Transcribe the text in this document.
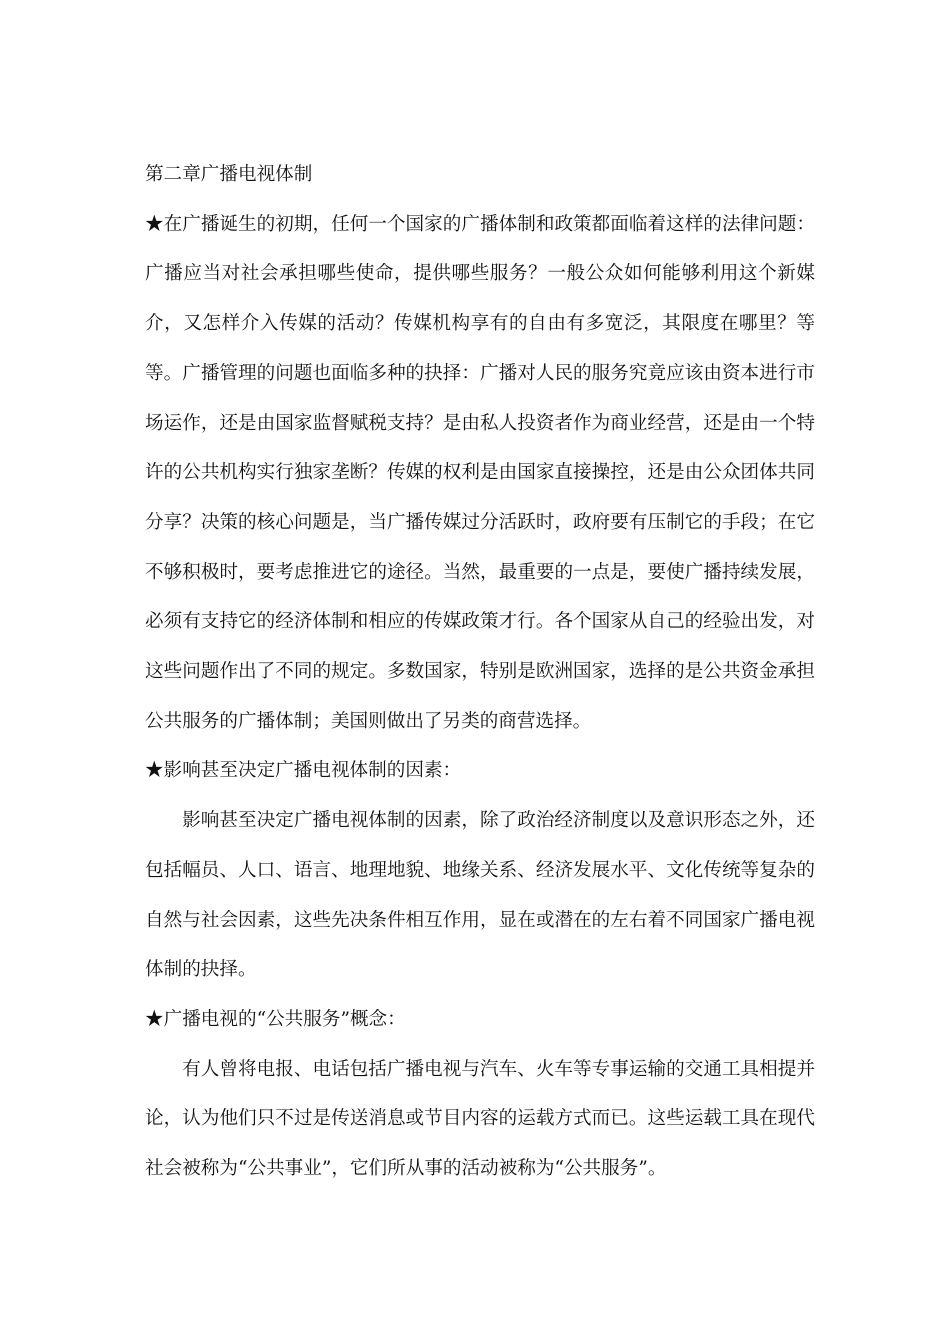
第二章广播电视体制

★在广播诞生的初期，任何一个国家的广播体制和政策都面临着这样的法律问题：广播应当对社会承担哪些使命，提供哪些服务？一般公众如何能够利用这个新媒介，又怎样介入传媒的活动？传媒机构享有的自由有多宽泛，其限度在哪里？等等。广播管理的问题也面临多种的抉择：广播对人民的服务究竟应该由资本进行市场运作，还是由国家监督赋税支持？是由私人投资者作为商业经营，还是由一个特许的公共机构实行独家垄断？传媒的权利是由国家直接操控，还是由公众团体共同分享？决策的核心问题是，当广播传媒过分活跃时，政府要有压制它的手段；在它不够积极时，要考虑推进它的途径。当然，最重要的一点是，要使广播持续发展，必须有支持它的经济体制和相应的传媒政策才行。各个国家从自己的经验出发，对这些问题作出了不同的规定。多数国家，特别是欧洲国家，选择的是公共资金承担公共服务的广播体制；美国则做出了另类的商营选择。

★影响甚至决定广播电视体制的因素：

影响甚至决定广播电视体制的因素，除了政治经济制度以及意识形态之外，还包括幅员、人口、语言、地理地貌、地缘关系、经济发展水平、文化传统等复杂的自然与社会因素，这些先决条件相互作用，显在或潜在的左右着不同国家广播电视体制的抉择。

★广播电视的“公共服务”概念：

有人曾将电报、电话包括广播电视与汽车、火车等专事运输的交通工具相提并论，认为他们只不过是传送消息或节目内容的运载方式而已。这些运载工具在现代社会被称为“公共事业”，它们所从事的活动被称为“公共服务”。
